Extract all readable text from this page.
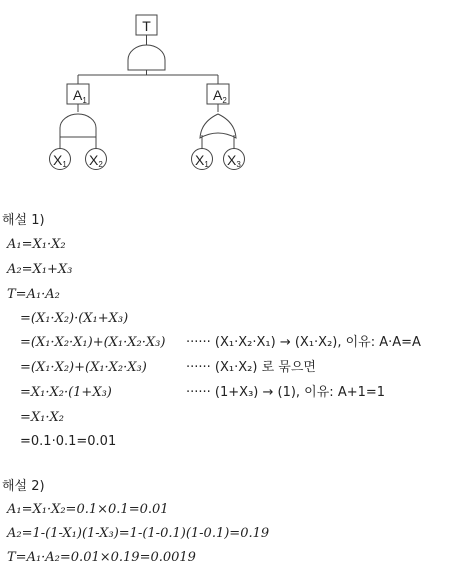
T
$A_1$	$A_2$
X1 X2	X1 X3
해설 1)
A₁=X₁·X₂
A₂=X₁+X₃
T=A₁·A₂
=(X₁·X₂)·(X₁+X₃)
=(X₁·X₂·X₁)+(X₁·X₂·X₃)
=(X₁·X₂)+(X₁·X₂·X₃)
=X₁·X₂·(1+X₃)
=X₁·X₂
=0.1·0.1=0.01
······ (X₁·X₂·X₁) → (X₁·X₂), 이유: A·A=A
······ (X₁·X₂) 로 묶으면
······ (1+X₃) → (1), 이유: A+1=1
해설 2)
A₁=X₁·X₂=0.1×0.1=0.01
A₂=1-(1-X₁)(1-X₃)=1-(1-0.1)(1-0.1)=0.19
T=A₁·A₂=0.01×0.19=0.0019
